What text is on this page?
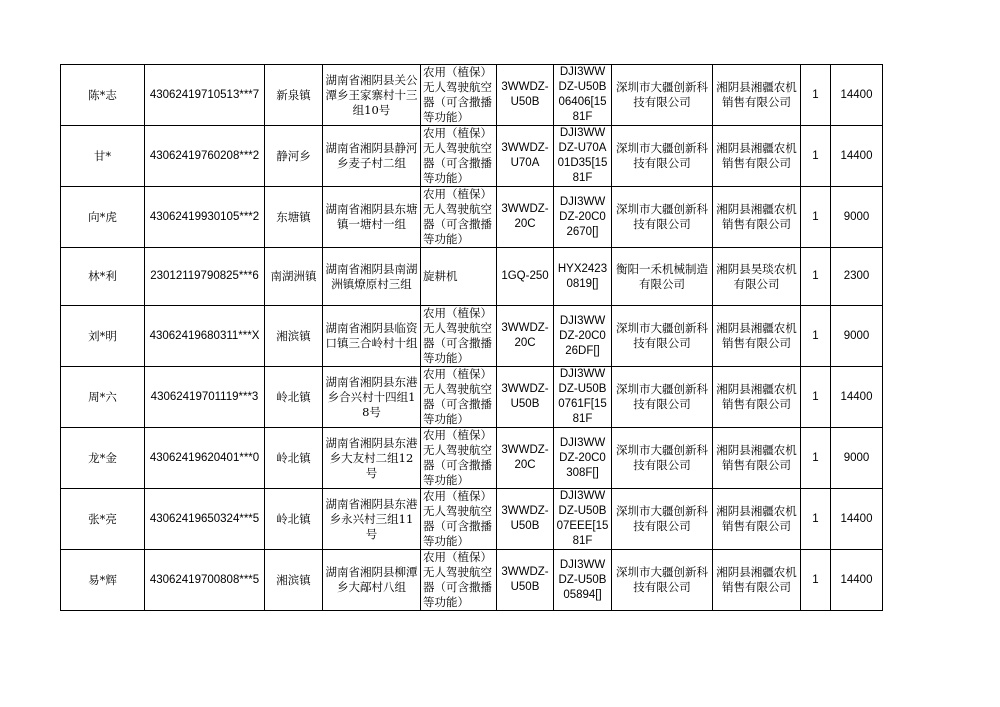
陈*志	43062419710513***7	新泉镇	湖南省湘阴县关公潭乡王家寨村十三组10号	农用（植保）无人驾驶航空器（可含撒播等功能）	3WWDZ-U50B	DJI3WWDZ-U50B06406[1581F	深圳市大疆创新科技有限公司	湘阴县湘疆农机销售有限公司	1	14400
甘*	43062419760208***2	静河乡	湖南省湘阴县静河乡麦子村二组	农用（植保）无人驾驶航空器（可含撒播等功能）	3WWDZ-U70A	DJI3WWDZ-U70A01D35[1581F	深圳市大疆创新科技有限公司	湘阴县湘疆农机销售有限公司	1	14400
向*虎	43062419930105***2	东塘镇	湖南省湘阴县东塘镇一塘村一组	农用（植保）无人驾驶航空器（可含撒播等功能）	3WWDZ-20C	DJI3WWDZ-20C02670[]	深圳市大疆创新科技有限公司	湘阴县湘疆农机销售有限公司	1	9000
林*利	23012119790825***6	南湖洲镇	湖南省湘阴县南湖洲镇燎原村三组	旋耕机	1GQ-250	HYX24230819[]	衡阳一禾机械制造有限公司	湘阴县昊琰农机有限公司	1	2300
刘*明	43062419680311***X	湘滨镇	湖南省湘阴县临资口镇三合岭村十组	农用（植保）无人驾驶航空器（可含撒播等功能）	3WWDZ-20C	DJI3WWDZ-20C026DF[]	深圳市大疆创新科技有限公司	湘阴县湘疆农机销售有限公司	1	9000
周*六	43062419701119***3	岭北镇	湖南省湘阴县东港乡合兴村十四组18号	农用（植保）无人驾驶航空器（可含撒播等功能）	3WWDZ-U50B	DJI3WWDZ-U50B0761F[1581F	深圳市大疆创新科技有限公司	湘阴县湘疆农机销售有限公司	1	14400
龙*金	43062419620401***0	岭北镇	湖南省湘阴县东港乡大友村二组12号	农用（植保）无人驾驶航空器（可含撒播等功能）	3WWDZ-20C	DJI3WWDZ-20C0308F[]	深圳市大疆创新科技有限公司	湘阴县湘疆农机销售有限公司	1	9000
张*亮	43062419650324***5	岭北镇	湖南省湘阴县东港乡永兴村三组11号	农用（植保）无人驾驶航空器（可含撒播等功能）	3WWDZ-U50B	DJI3WWDZ-U50B07EEE[1581F	深圳市大疆创新科技有限公司	湘阴县湘疆农机销售有限公司	1	14400
易*辉	43062419700808***5	湘滨镇	湖南省湘阴县柳潭乡大鄗村八组	农用（植保）无人驾驶航空器（可含撒播等功能）	3WWDZ-U50B	DJI3WWDZ-U50B05894[]	深圳市大疆创新科技有限公司	湘阴县湘疆农机销售有限公司	1	14400
